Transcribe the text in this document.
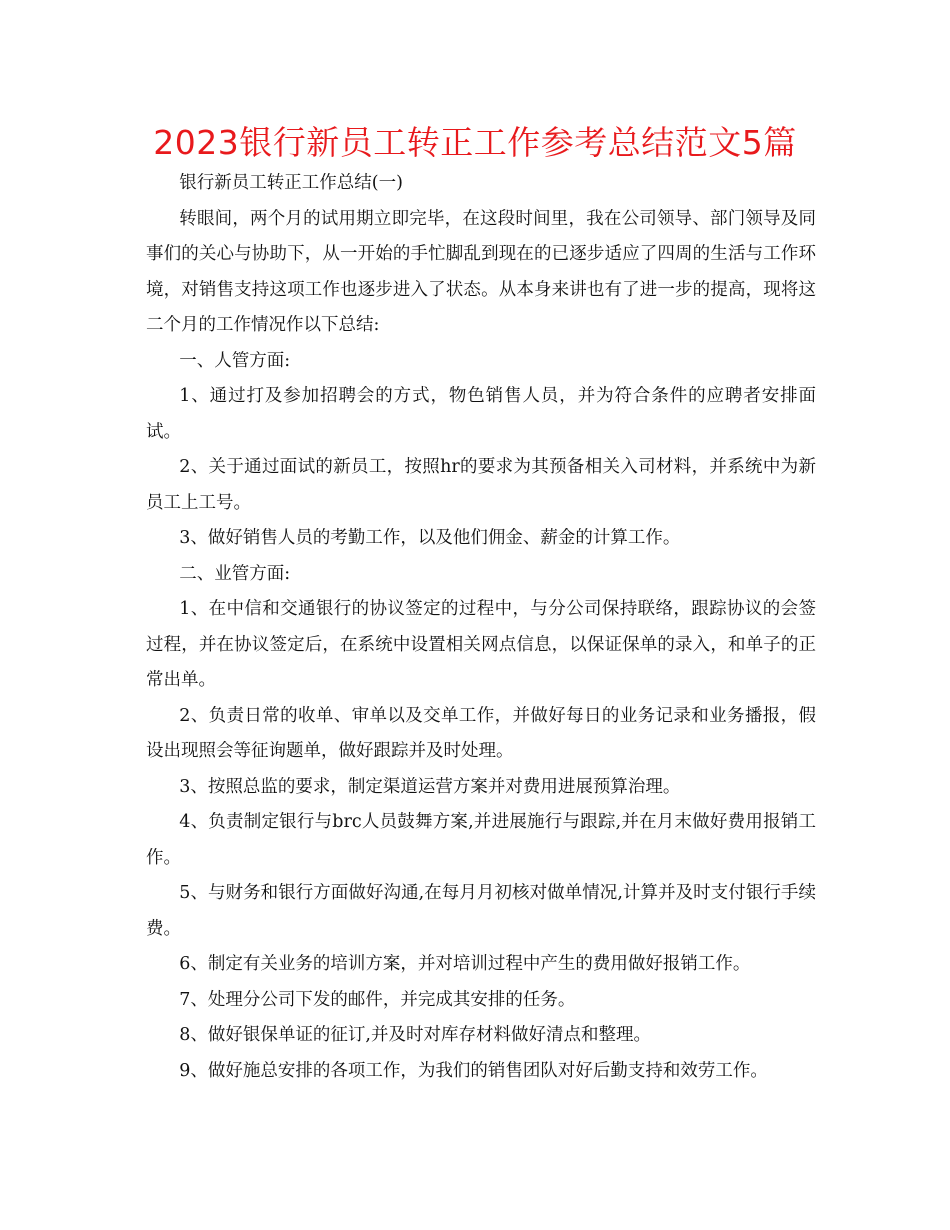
2023银行新员工转正工作参考总结范文5篇

银行新员工转正工作总结(一)

转眼间，两个月的试用期立即完毕，在这段时间里，我在公司领导、部门领导及同事们的关心与协助下，从一开始的手忙脚乱到现在的已逐步适应了四周的生活与工作环境，对销售支持这项工作也逐步进入了状态。从本身来讲也有了进一步的提高，现将这二个月的工作情况作以下总结:

一、人管方面:

1、通过打及参加招聘会的方式，物色销售人员，并为符合条件的应聘者安排面试。

2、关于通过面试的新员工，按照hr的要求为其预备相关入司材料，并系统中为新员工上工号。

3、做好销售人员的考勤工作，以及他们佣金、薪金的计算工作。

二、业管方面:

1、在中信和交通银行的协议签定的过程中，与分公司保持联络，跟踪协议的会签过程，并在协议签定后，在系统中设置相关网点信息，以保证保单的录入，和单子的正常出单。

2、负责日常的收单、审单以及交单工作，并做好每日的业务记录和业务播报，假设出现照会等征询题单，做好跟踪并及时处理。

3、按照总监的要求，制定渠道运营方案并对费用进展预算治理。

4、负责制定银行与brc人员鼓舞方案,并进展施行与跟踪,并在月末做好费用报销工作。

5、与财务和银行方面做好沟通,在每月月初核对做单情况,计算并及时支付银行手续费。

6、制定有关业务的培训方案，并对培训过程中产生的费用做好报销工作。

7、处理分公司下发的邮件，并完成其安排的任务。

8、做好银保单证的征订,并及时对库存材料做好清点和整理。

9、做好施总安排的各项工作，为我们的销售团队对好后勤支持和效劳工作。
